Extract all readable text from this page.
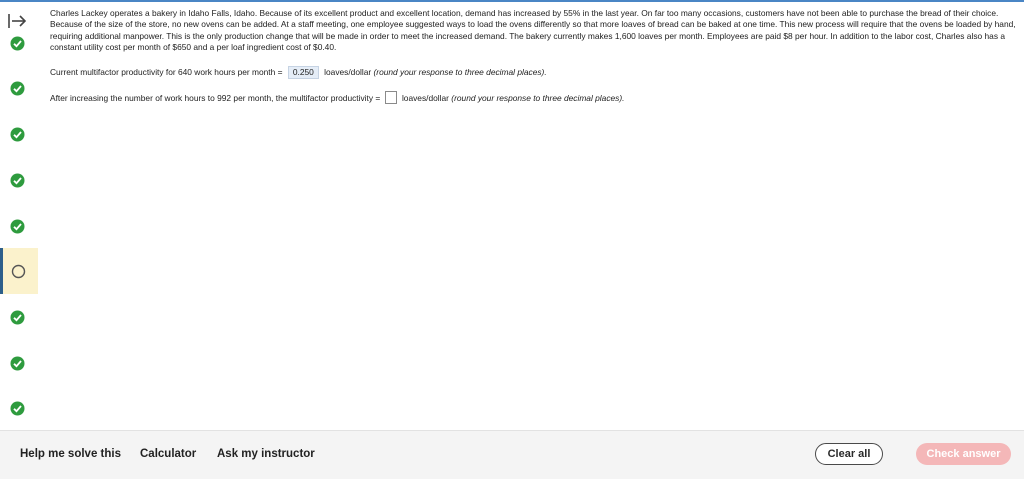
Charles Lackey operates a bakery in Idaho Falls, Idaho. Because of its excellent product and excellent location, demand has increased by 55% in the last year. On far too many occasions, customers have not been able to purchase the bread of their choice. Because of the size of the store, no new ovens can be added. At a staff meeting, one employee suggested ways to load the ovens differently so that more loaves of bread can be baked at one time. This new process will require that the ovens be loaded by hand, requiring additional manpower. This is the only production change that will be made in order to meet the increased demand. The bakery currently makes 1,600 loaves per month. Employees are paid $8 per hour. In addition to the labor cost, Charles also has a constant utility cost per month of $650 and a per loaf ingredient cost of $0.40.

Current multifactor productivity for 640 work hours per month = 0.250 loaves/dollar (round your response to three decimal places).
After increasing the number of work hours to 992 per month, the multifactor productivity =	loaves/dollar (round your response to three decimal places).
Help me solve this Calculator Ask my instructor	Clear all	Check answer
